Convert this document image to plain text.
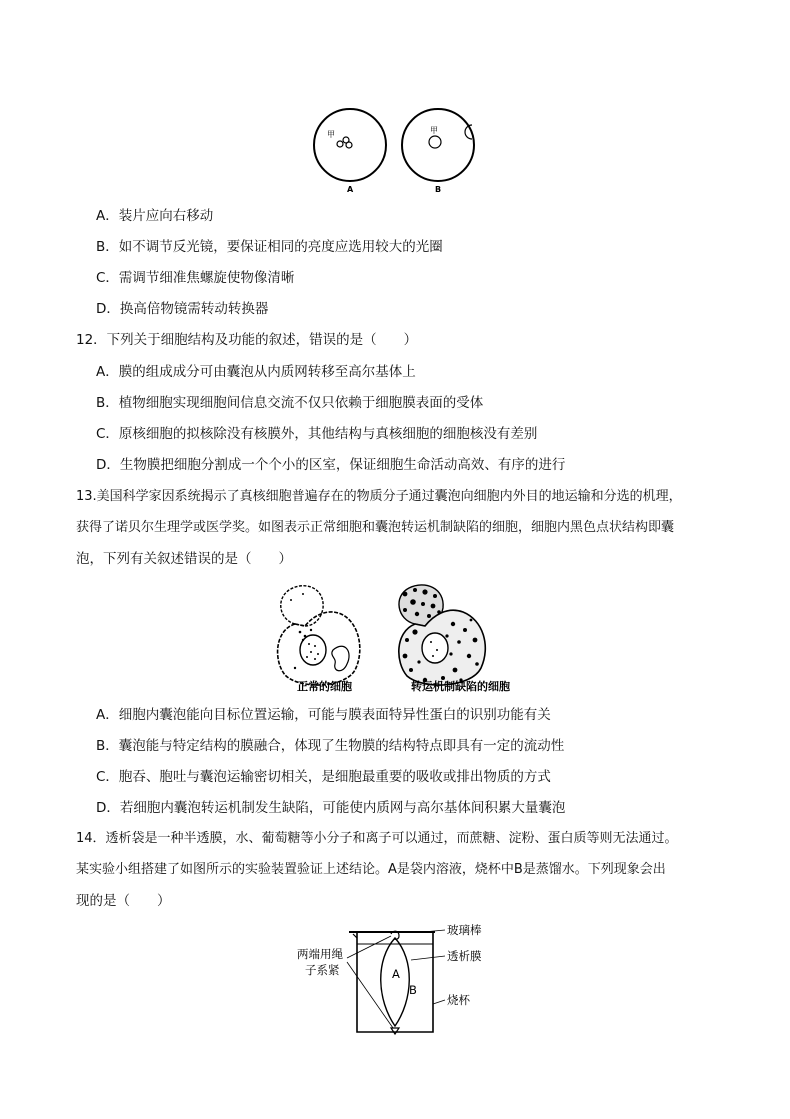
甲
A
甲
B
A．装片应向右移动
B．如不调节反光镜，要保证相同的亮度应选用较大的光圈
C．需调节细准焦螺旋使物像清晰
D．换高倍物镜需转动转换器
12．下列关于细胞结构及功能的叙述，错误的是（　　）
A．膜的组成成分可由囊泡从内质网转移至高尔基体上
B．植物细胞实现细胞间信息交流不仅只依赖于细胞膜表面的受体
C．原核细胞的拟核除没有核膜外，其他结构与真核细胞的细胞核没有差别
D．生物膜把细胞分割成一个个小的区室，保证细胞生命活动高效、有序的进行
13.美国科学家因系统揭示了真核细胞普遍存在的物质分子通过囊泡向细胞内外目的地运输和分选的机理，
获得了诺贝尔生理学或医学奖。如图表示正常细胞和囊泡转运机制缺陷的细胞，细胞内黑色点状结构即囊
泡，下列有关叙述错误的是（　　）
正常的细胞	转运机制缺陷的细胞
A．细胞内囊泡能向目标位置运输，可能与膜表面特异性蛋白的识别功能有关
B．囊泡能与特定结构的膜融合，体现了生物膜的结构特点即具有一定的流动性
C．胞吞、胞吐与囊泡运输密切相关，是细胞最重要的吸收或排出物质的方式
D．若细胞内囊泡转运机制发生缺陷，可能使内质网与高尔基体间积累大量囊泡
14．透析袋是一种半透膜，水、葡萄糖等小分子和离子可以通过，而蔗糖、淀粉、蛋白质等则无法通过。
某实验小组搭建了如图所示的实验装置验证上述结论。A是袋内溶液，烧杯中B是蒸馏水。下列现象会出
现的是（　　）
A
B
玻璃棒
透析膜
烧杯
两端用绳
子系紧
